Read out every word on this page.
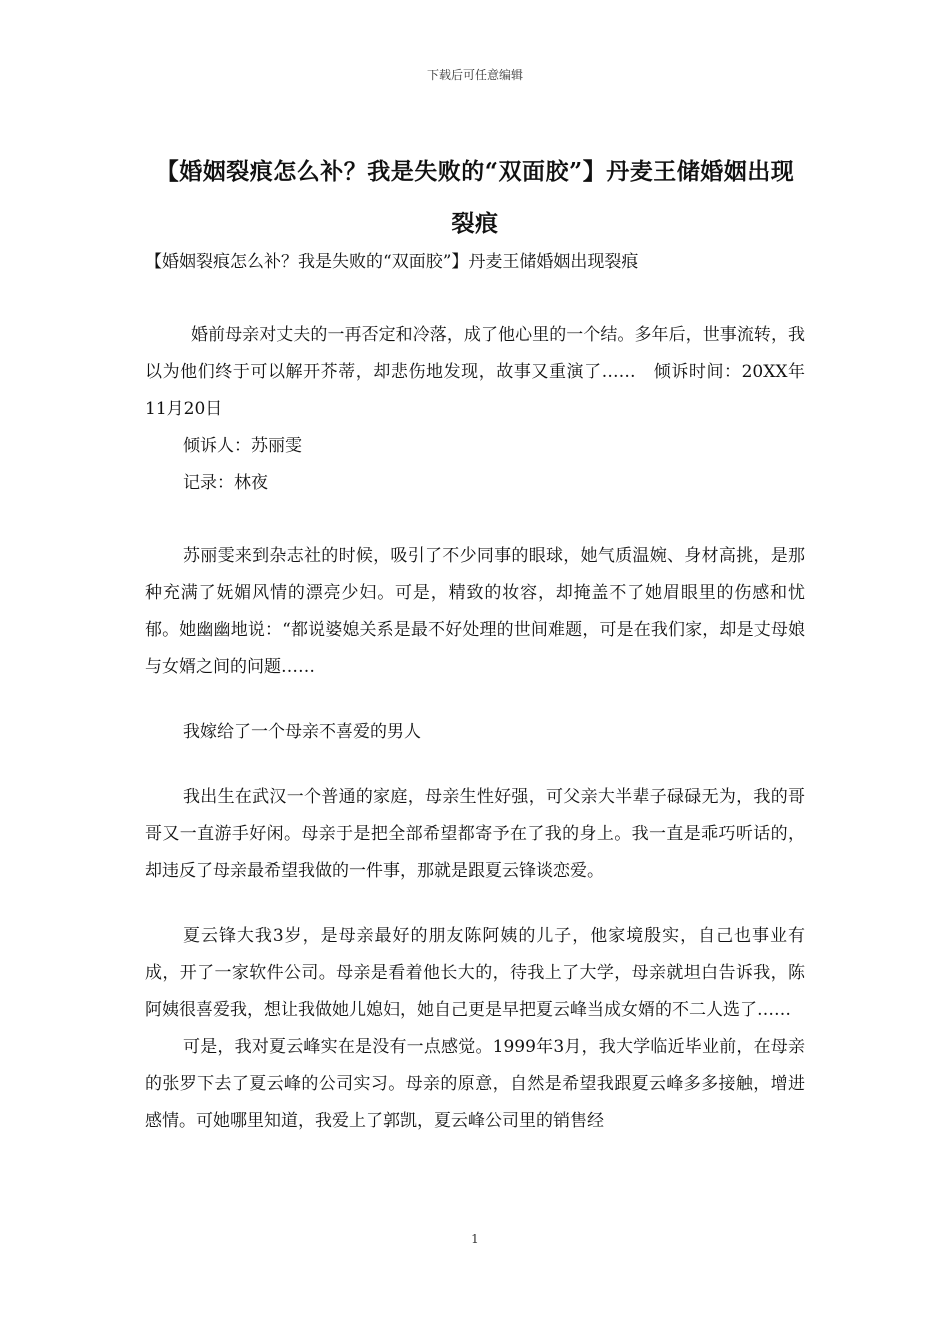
下载后可任意编辑
【婚姻裂痕怎么补？我是失败的“双面胶”】丹麦王储婚姻出现裂痕

【婚姻裂痕怎么补？我是失败的“双面胶”】丹麦王储婚姻出现裂痕

婚前母亲对丈夫的一再否定和冷落，成了他心里的一个结。多年后，世事流转，我以为他们终于可以解开芥蒂，却悲伤地发现，故事又重演了……　倾诉时间：20XX年11月20日

倾诉人：苏丽雯

记录：林夜

苏丽雯来到杂志社的时候，吸引了不少同事的眼球，她气质温婉、身材高挑，是那种充满了妩媚风情的漂亮少妇。可是，精致的妆容，却掩盖不了她眉眼里的伤感和忧郁。她幽幽地说：“都说婆媳关系是最不好处理的世间难题，可是在我们家，却是丈母娘与女婿之间的问题……

我嫁给了一个母亲不喜爱的男人

我出生在武汉一个普通的家庭，母亲生性好强，可父亲大半辈子碌碌无为，我的哥哥又一直游手好闲。母亲于是把全部希望都寄予在了我的身上。我一直是乖巧听话的，却违反了母亲最希望我做的一件事，那就是跟夏云锋谈恋爱。

夏云锋大我3岁，是母亲最好的朋友陈阿姨的儿子，他家境殷实，自己也事业有成，开了一家软件公司。母亲是看着他长大的，待我上了大学，母亲就坦白告诉我，陈阿姨很喜爱我，想让我做她儿媳妇，她自己更是早把夏云峰当成女婿的不二人选了……

可是，我对夏云峰实在是没有一点感觉。1999年3月，我大学临近毕业前，在母亲的张罗下去了夏云峰的公司实习。母亲的原意，自然是希望我跟夏云峰多多接触，增进感情。可她哪里知道，我爱上了郭凯，夏云峰公司里的销售经

1
